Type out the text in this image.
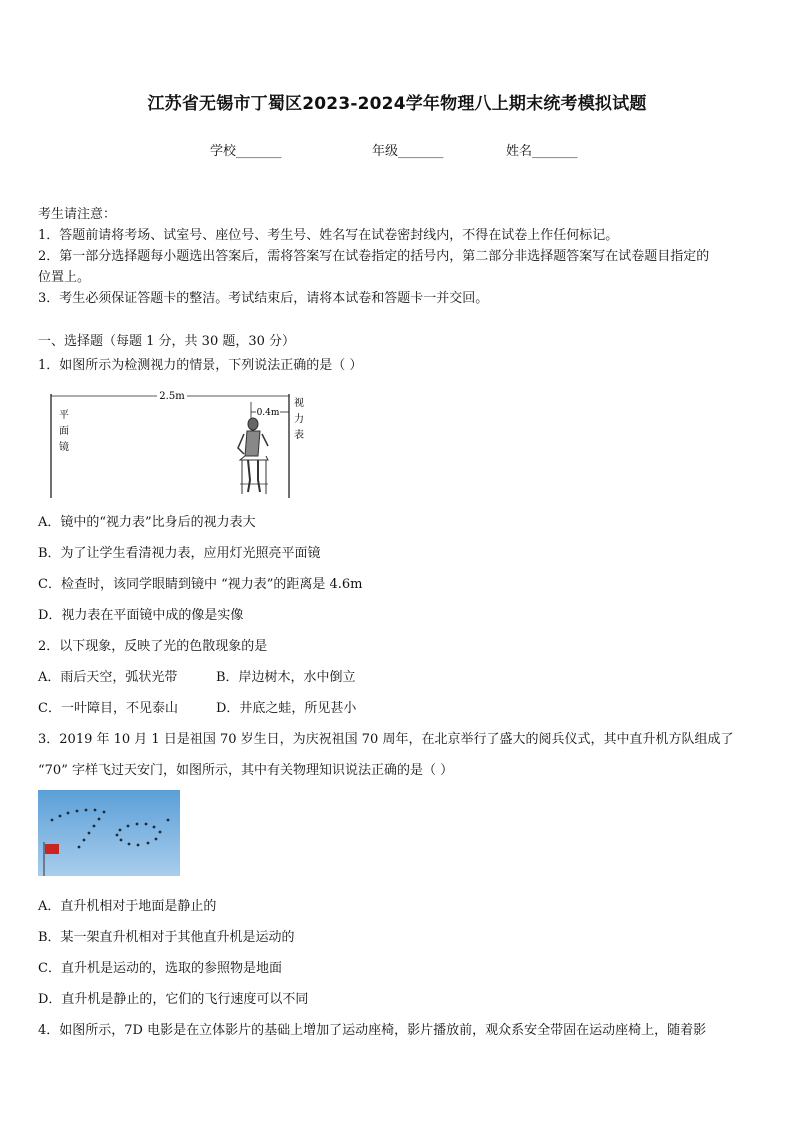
江苏省无锡市丁蜀区2023-2024学年物理八上期末统考模拟试题
学校_______	年级_______	姓名_______
考生请注意：
1．答题前请将考场、试室号、座位号、考生号、姓名写在试卷密封线内，不得在试卷上作任何标记。
2．第一部分选择题每小题选出答案后，需将答案写在试卷指定的括号内，第二部分非选择题答案写在试卷题目指定的
位置上。
3．考生必须保证答题卡的整洁。考试结束后，请将本试卷和答题卡一并交回。
一、选择题（每题 1 分，共 30 题，30 分）
1．如图所示为检测视力的情景，下列说法正确的是（ ）
2.5m
0.4m
平
面
镜
视
力
表
A．镜中的“视力表”比身后的视力表大
B．为了让学生看清视力表，应用灯光照亮平面镜
C．检查时，该同学眼睛到镜中 “视力表”的距离是 4.6m
D．视力表在平面镜中成的像是实像
2．以下现象，反映了光的色散现象的是
A．雨后天空，弧状光带	B．岸边树木，水中倒立
C．一叶障目，不见泰山	D．井底之蛙，所见甚小
3．2019 年 10 月 1 日是祖国 70 岁生日，为庆祝祖国 70 周年，在北京举行了盛大的阅兵仪式，其中直升机方队组成了
“70” 字样飞过天安门，如图所示，其中有关物理知识说法正确的是（ ）
A．直升机相对于地面是静止的
B．某一架直升机相对于其他直升机是运动的
C．直升机是运动的，选取的参照物是地面
D．直升机是静止的，它们的飞行速度可以不同
4．如图所示，7D 电影是在立体影片的基础上增加了运动座椅，影片播放前，观众系安全带固在运动座椅上，随着影
